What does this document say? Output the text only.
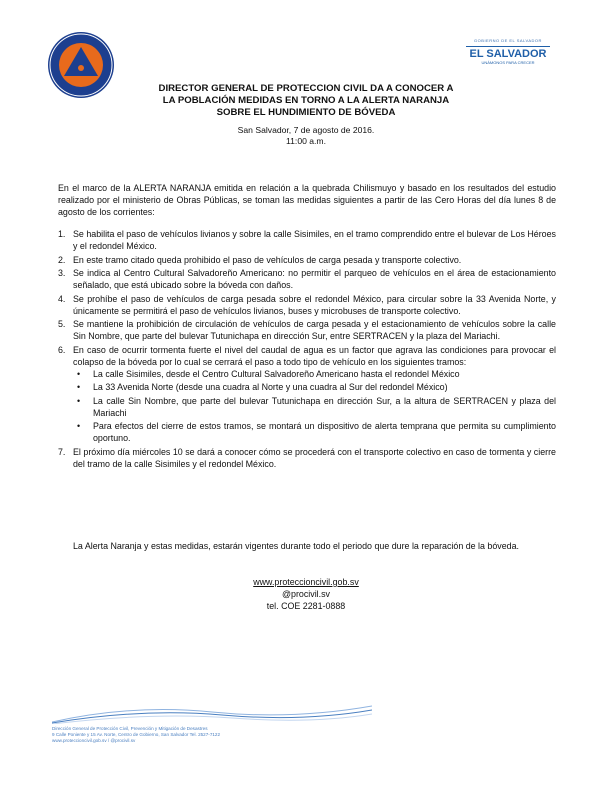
GOBIERNO DE EL SALVADOR
EL SALVADOR
UNÁMONOS PARA CRECER
DIRECTOR GENERAL DE PROTECCION CIVIL DA A CONOCER A
LA POBLACIÓN MEDIDAS EN TORNO A LA ALERTA NARANJA
SOBRE EL HUNDIMIENTO DE BÓVEDA
San Salvador, 7 de agosto de 2016.
11:00 a.m.
En el marco de la ALERTA NARANJA emitida en relación a la quebrada Chilismuyo y basado en los resultados del estudio realizado por el ministerio de Obras Públicas, se toman las medidas siguientes a partir de las Cero Horas del día lunes 8 de agosto de los corrientes:
1. Se habilita el paso de vehículos livianos y sobre la calle Sisimiles, en el tramo comprendido entre el bulevar de Los Héroes y el redondel México.
2. En este tramo citado queda prohibido el paso de vehículos de carga pesada y transporte colectivo.
3. Se indica al Centro Cultural Salvadoreño Americano: no permitir el parqueo de vehículos en el área de estacionamiento señalado, que está ubicado sobre la bóveda con daños.
4. Se prohíbe el paso de vehículos de carga pesada sobre el redondel México, para circular sobre la 33 Avenida Norte, y únicamente se permitirá el paso de vehículos livianos, buses y microbuses de transporte colectivo.
5. Se mantiene la prohibición de circulación de vehículos de carga pesada y el estacionamiento de vehículos sobre la calle Sin Nombre, que parte del bulevar Tutunichapa en dirección Sur, entre SERTRACEN y la plaza del Mariachi.
6. En caso de ocurrir tormenta fuerte el nivel del caudal de agua es un factor que agrava las condiciones para provocar el colapso de la bóveda por lo cual se cerrará el paso a todo tipo de vehículo en los siguientes tramos:
• La calle Sisimiles, desde el Centro Cultural Salvadoreño Americano hasta el redondel México
• La 33 Avenida Norte (desde una cuadra al Norte y una cuadra al Sur del redondel México)
• La calle Sin Nombre, que parte del bulevar Tutunichapa en dirección Sur, a la altura de SERTRACEN y plaza del Mariachi
• Para efectos del cierre de estos tramos, se montará un dispositivo de alerta temprana que permita su cumplimiento oportuno.
7. El próximo día miércoles 10 se dará a conocer cómo se procederá con el transporte colectivo en caso de tormenta y cierre del tramo de la calle Sisimiles y el redondel México.
La Alerta Naranja y estas medidas, estarán vigentes durante todo el periodo que dure la reparación de la bóveda.
www.proteccioncivil.gob.sv
@procivil.sv
tel. COE 2281-0888
Dirección General de Protección Civil, Prevención y Mitigación de Desastres
9 Calle Poniente y 15 Av. Norte, Centro de Gobierno, San Salvador Tel. 2527-7122
www.proteccioncivil.gob.sv / @procivil.sv
